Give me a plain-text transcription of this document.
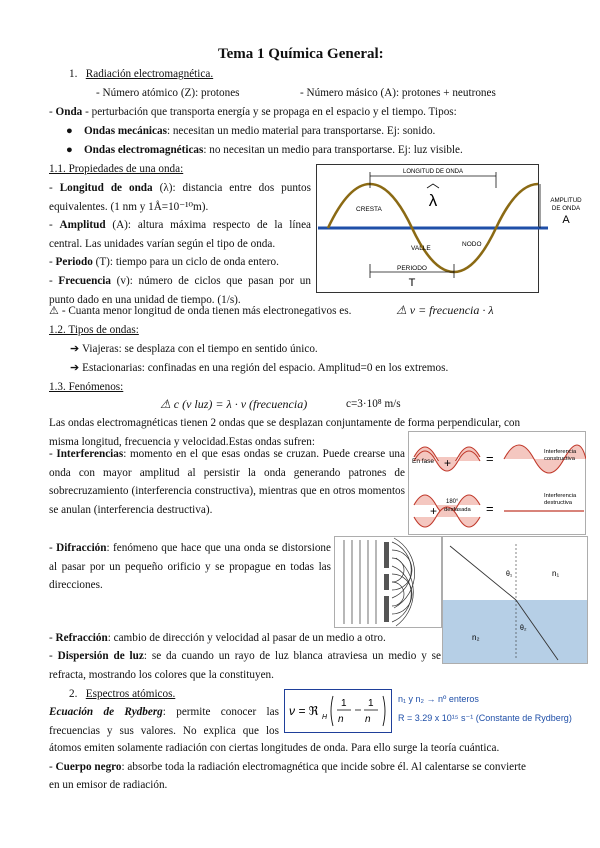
Tema 1 Química General:
1. Radiación electromagnética.
- Número atómico (Z): protones	- Número másico (A): protones + neutrones
- Onda - perturbación que transporta energía y se propaga en el espacio y el tiempo. Tipos:
●    Ondas mecánicas: necesitan un medio material para transportarse. Ej: sonido.
●    Ondas electromagnéticas: no necesitan un medio para transportarse. Ej: luz visible.
1.1. Propiedades de una onda:

- Longitud de onda (λ): distancia entre dos puntos

equivalentes. (1 nm y 1Å=10⁻¹⁰m).

- Amplitud (A): altura máxima respecto de la línea

central. Las unidades varían según el tipo de onda.

- Periodo (T): tiempo para un ciclo de onda entero.

- Frecuencia (v): número de ciclos que pasan por un

punto dado en una unidad de tiempo. (1/s).

⚠ - Cuanta menor longitud de onda tienen más electronegativos es.	⚠ v = frecuencia · λ
LONGITUD DE ONDA
λ
CRESTA
VALLE
NODO
PERIODO
T
AMPLITUD
DE ONDA
A
1.2. Tipos de ondas:
➔ Viajeras: se desplaza con el tiempo en sentido único.
➔ Estacionarias: confinadas en una región del espacio. Amplitud=0 en los extremos.
1.3. Fenómenos:
⚠ c (v luz) = λ · v (frecuencia)	c=3·10⁸ m/s
Las ondas electromagnéticas tienen 2 ondas que se desplazan conjuntamente de forma perpendicular, con
misma longitud, frecuencia y velocidad.Estas ondas sufren:

- Interferencias: momento en el que esas ondas se cruzan. Puede crearse una onda con mayor amplitud al persistir la onda generando patrones de sobrecruzamiento (interferencia constructiva), mientras que en otros momentos se anulan (interferencia destructiva).

En fase +	=	Interferencia
constructiva
180°
+ desfasada =
Interferencia
destructiva

- Difracción: fenómeno que hace que una onda se distorsione al pasar por un pequeño orificio y se propague en todas las direcciones.

θ₁
θ₂
n₁
n₂
- Refracción: cambio de dirección y velocidad al pasar de un medio a otro.

- Dispersión de luz: se da cuando un rayo de luz blanca atraviesa un medio y se refracta, mostrando los colores que la constituyen.

2. Espectros atómicos.

Ecuación de Rydberg: permite conocer las

frecuencias y sus valores. No explica que los

átomos emiten solamente radiación con ciertas longitudes de onda. Para ello surge la teoría cuántica.
ν = ℜ H
1
n
1
n
n₁ y n₂ → nº enteros
R = 3.29 x 10¹⁵ s⁻¹ (Constante de Rydberg)
- Cuerpo negro: absorbe toda la radiación electromagnética que incide sobre él. Al calentarse se convierte
en un emisor de radiación.
